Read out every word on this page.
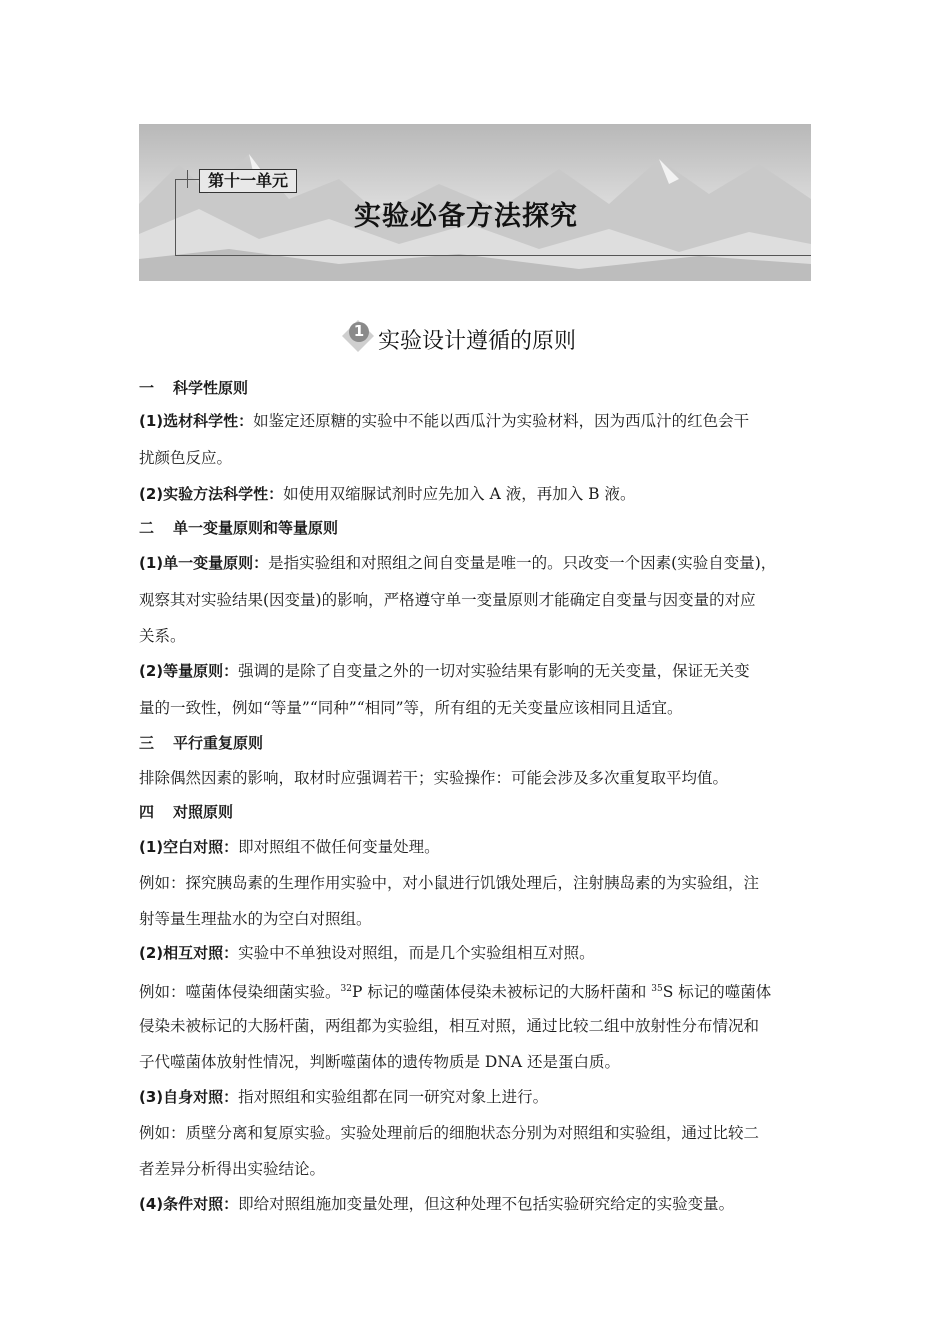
第十一单元
实验必备方法探究
1 实验设计遵循的原则
一 科学性原则
(1)选材科学性：如鉴定还原糖的实验中不能以西瓜汁为实验材料，因为西瓜汁的红色会干
扰颜色反应。
(2)实验方法科学性：如使用双缩脲试剂时应先加入 A 液，再加入 B 液。
二 单一变量原则和等量原则
(1)单一变量原则：是指实验组和对照组之间自变量是唯一的。只改变一个因素(实验自变量)，
观察其对实验结果(因变量)的影响，严格遵守单一变量原则才能确定自变量与因变量的对应
关系。
(2)等量原则：强调的是除了自变量之外的一切对实验结果有影响的无关变量，保证无关变
量的一致性，例如“等量”“同种”“相同”等，所有组的无关变量应该相同且适宜。
三 平行重复原则
排除偶然因素的影响，取材时应强调若干；实验操作：可能会涉及多次重复取平均值。
四 对照原则
(1)空白对照：即对照组不做任何变量处理。
例如：探究胰岛素的生理作用实验中，对小鼠进行饥饿处理后，注射胰岛素的为实验组，注
射等量生理盐水的为空白对照组。
(2)相互对照：实验中不单独设对照组，而是几个实验组相互对照。
例如：噬菌体侵染细菌实验。$^{32}$P 标记的噬菌体侵染未被标记的大肠杆菌和 $^{35}$S 标记的噬菌体
侵染未被标记的大肠杆菌，两组都为实验组，相互对照，通过比较二组中放射性分布情况和
子代噬菌体放射性情况，判断噬菌体的遗传物质是 DNA 还是蛋白质。
(3)自身对照：指对照组和实验组都在同一研究对象上进行。
例如：质壁分离和复原实验。实验处理前后的细胞状态分别为对照组和实验组，通过比较二
者差异分析得出实验结论。
(4)条件对照：即给对照组施加变量处理，但这种处理不包括实验研究给定的实验变量。
